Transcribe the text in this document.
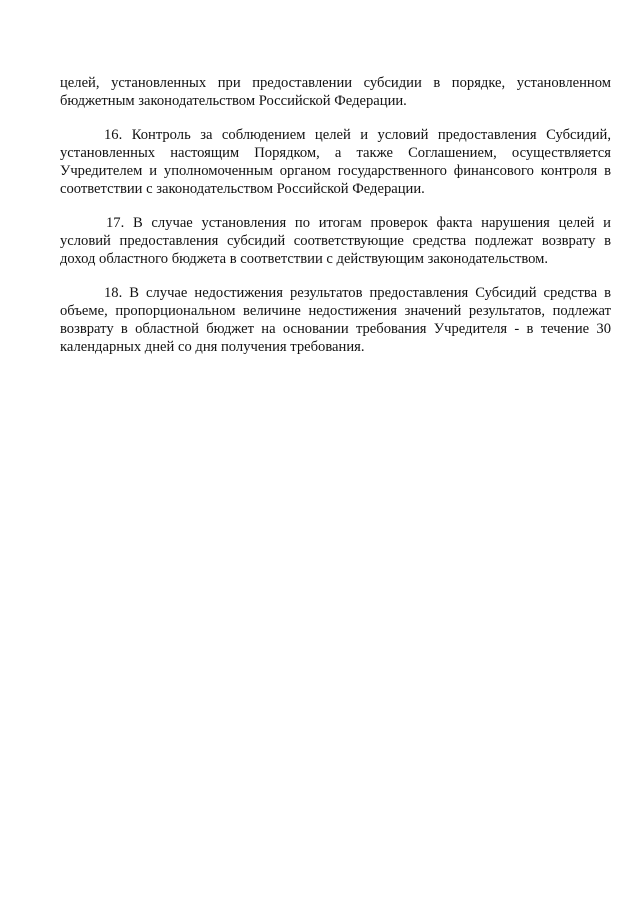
целей, установленных при предоставлении субсидии в порядке, установленном бюджетным законодательством Российской Федерации.

16. Контроль за соблюдением целей и условий предоставления Субсидий, установленных настоящим Порядком, а также Соглашением, осуществляется Учредителем и уполномоченным органом государственного финансового контроля в соответствии с законодательством Российской Федерации.

17. В случае установления по итогам проверок факта нарушения целей и условий предоставления субсидий соответствующие средства подлежат возврату в доход областного бюджета в соответствии с действующим законодательством.

18. В случае недостижения результатов предоставления Субсидий средства в объеме, пропорциональном величине недостижения значений результатов, подлежат возврату в областной бюджет на основании требования Учредителя - в течение 30 календарных дней со дня получения требования.
